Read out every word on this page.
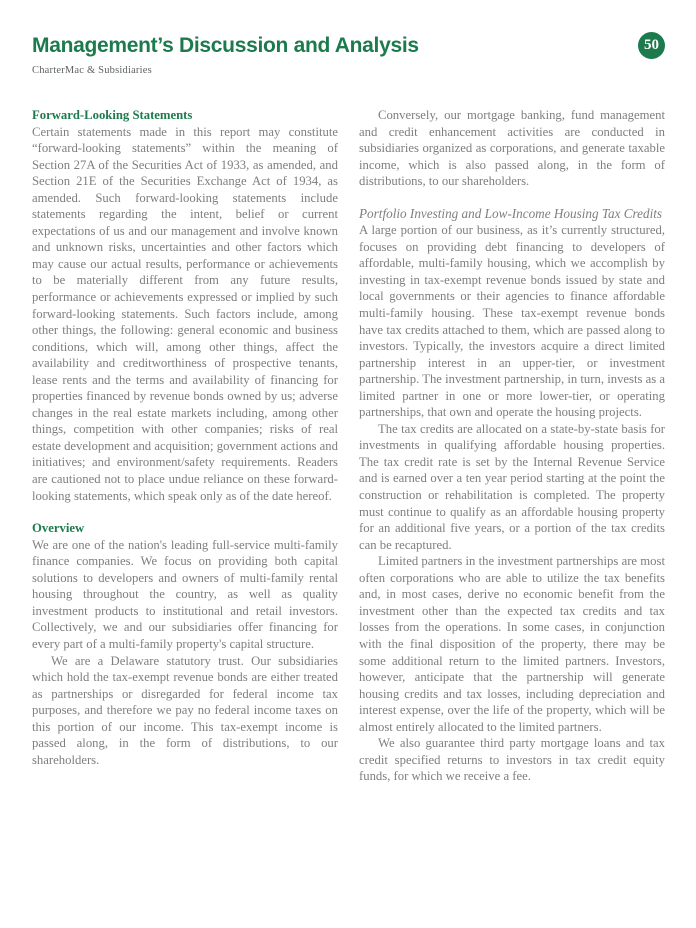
Management’s Discussion and Analysis
CharterMac & Subsidiaries
50
Forward-Looking Statements

Certain statements made in this report may constitute “forward-looking statements” within the meaning of Section 27A of the Securities Act of 1933, as amended, and Section 21E of the Securities Exchange Act of 1934, as amended. Such forward-looking statements include statements regarding the intent, belief or current expectations of us and our management and involve known and unknown risks, uncertainties and other factors which may cause our actual results, performance or achievements to be materially different from any future results, performance or achievements expressed or implied by such forward-looking statements. Such factors include, among other things, the following: general economic and business conditions, which will, among other things, affect the availability and creditworthiness of prospective tenants, lease rents and the terms and availability of financing for properties financed by revenue bonds owned by us; adverse changes in the real estate markets including, among other things, competition with other companies; risks of real estate development and acquisition; government actions and initiatives; and environment/safety requirements. Readers are cautioned not to place undue reliance on these forward-looking statements, which speak only as of the date hereof.

Overview

We are one of the nation's leading full-service multi-family finance companies. We focus on providing both capital solutions to developers and owners of multi-family rental housing throughout the country, as well as quality investment products to institutional and retail investors. Collectively, we and our subsidiaries offer financing for every part of a multi-family property's capital structure.

We are a Delaware statutory trust. Our subsidiaries which hold the tax-exempt revenue bonds are either treated as partnerships or disregarded for federal income tax purposes, and therefore we pay no federal income taxes on this portion of our income. This tax-exempt income is passed along, in the form of distributions, to our shareholders.

Conversely, our mortgage banking, fund management and credit enhancement activities are conducted in subsidiaries organized as corporations, and generate taxable income, which is also passed along, in the form of distributions, to our shareholders.

Portfolio Investing and Low-Income Housing Tax Credits

A large portion of our business, as it’s currently structured, focuses on providing debt financing to developers of affordable, multi-family housing, which we accomplish by investing in tax-exempt revenue bonds issued by state and local governments or their agencies to finance affordable multi-family housing. These tax-exempt revenue bonds have tax credits attached to them, which are passed along to investors. Typically, the investors acquire a direct limited partnership interest in an upper-tier, or investment partnership. The investment partnership, in turn, invests as a limited partner in one or more lower-tier, or operating partnerships, that own and operate the housing projects.

The tax credits are allocated on a state-by-state basis for investments in qualifying affordable housing properties. The tax credit rate is set by the Internal Revenue Service and is earned over a ten year period starting at the point the construction or rehabilitation is completed. The property must continue to qualify as an affordable housing property for an additional five years, or a portion of the tax credits can be recaptured.

Limited partners in the investment partnerships are most often corporations who are able to utilize the tax benefits and, in most cases, derive no economic benefit from the investment other than the expected tax credits and tax losses from the operations. In some cases, in conjunction with the final disposition of the property, there may be some additional return to the limited partners. Investors, however, anticipate that the partnership will generate housing credits and tax losses, including depreciation and interest expense, over the life of the property, which will be almost entirely allocated to the limited partners.

We also guarantee third party mortgage loans and tax credit specified returns to investors in tax credit equity funds, for which we receive a fee.
